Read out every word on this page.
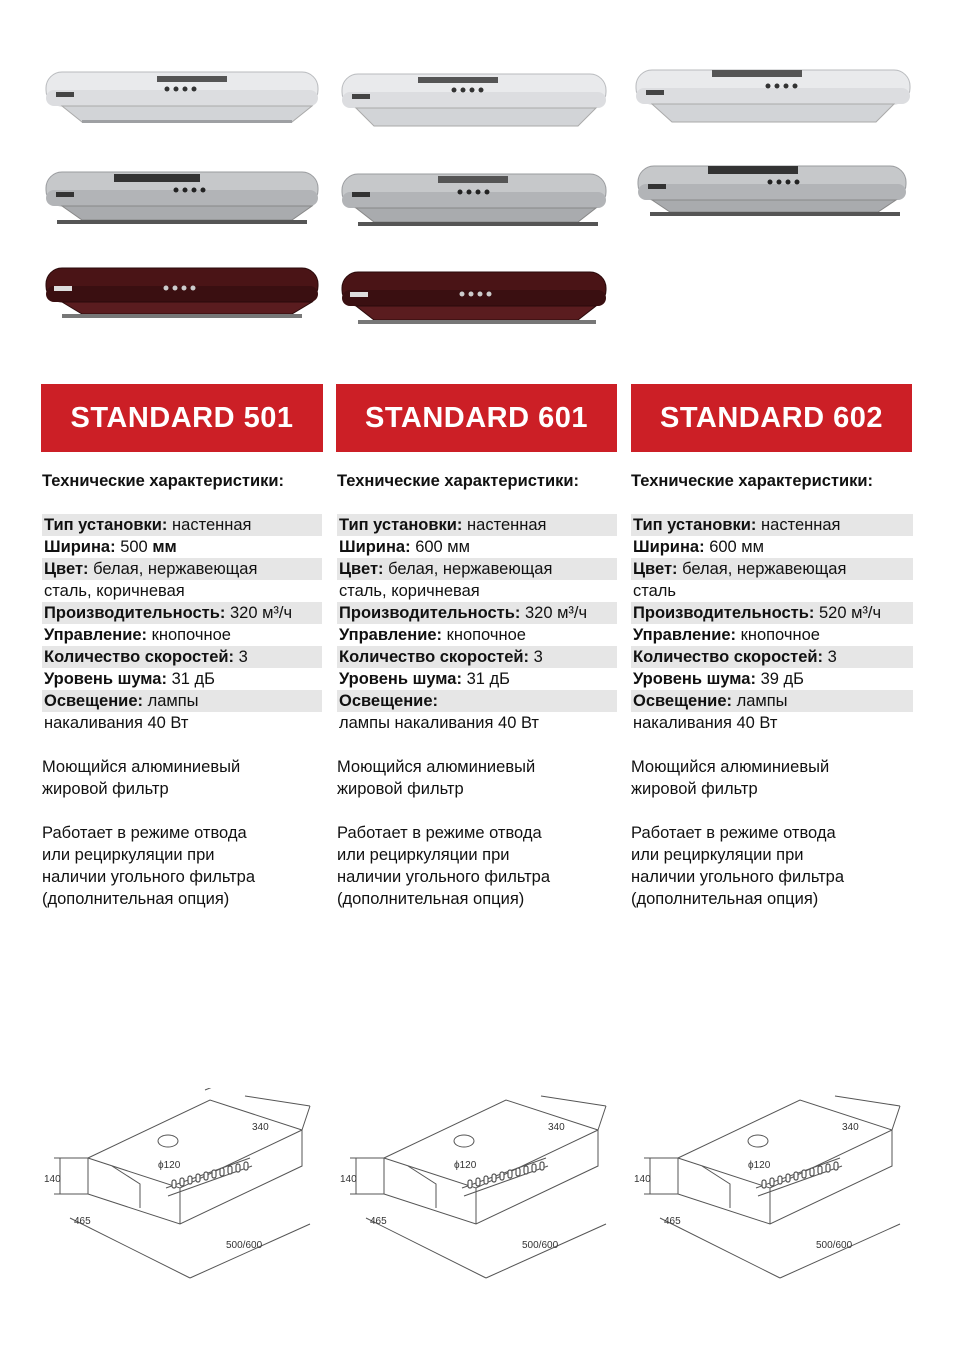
STANDARD 501	STANDARD 601	STANDARD 602
Технические характеристики:
Тип установки: настенная
Ширина: 500 мм
Цвет: белая, нержавеющая
сталь, коричневая
Производительность: 320 м³/ч
Управление: кнопочное
Количество скоростей: 3
Уровень шума: 31 дБ
Освещение: лампы
накаливания 40 Вт
Моющийся алюминиевый
жировой фильтр
Работает в режиме отвода
или рециркуляции при
наличии угольного фильтра
(дополнительная опция)
Технические характеристики:
Тип установки: настенная
Ширина: 600 мм
Цвет: белая, нержавеющая
сталь, коричневая
Производительность: 320 м³/ч
Управление: кнопочное
Количество скоростей: 3
Уровень шума: 31 дБ
Освещение:
лампы накаливания 40 Вт
Моющийся алюминиевый
жировой фильтр
Работает в режиме отвода
или рециркуляции при
наличии угольного фильтра
(дополнительная опция)
Технические характеристики:
Тип установки: настенная
Ширина: 600 мм
Цвет: белая, нержавеющая
сталь
Производительность: 520 м³/ч
Управление: кнопочное
Количество скоростей: 3
Уровень шума: 39 дБ
Освещение: лампы
накаливания 40 Вт
Моющийся алюминиевый
жировой фильтр
Работает в режиме отвода
или рециркуляции при
наличии угольного фильтра
(дополнительная опция)
340
ϕ120
140
465
500/600
340
ϕ120
140
465
500/600
340
ϕ120
140
465
500/600
